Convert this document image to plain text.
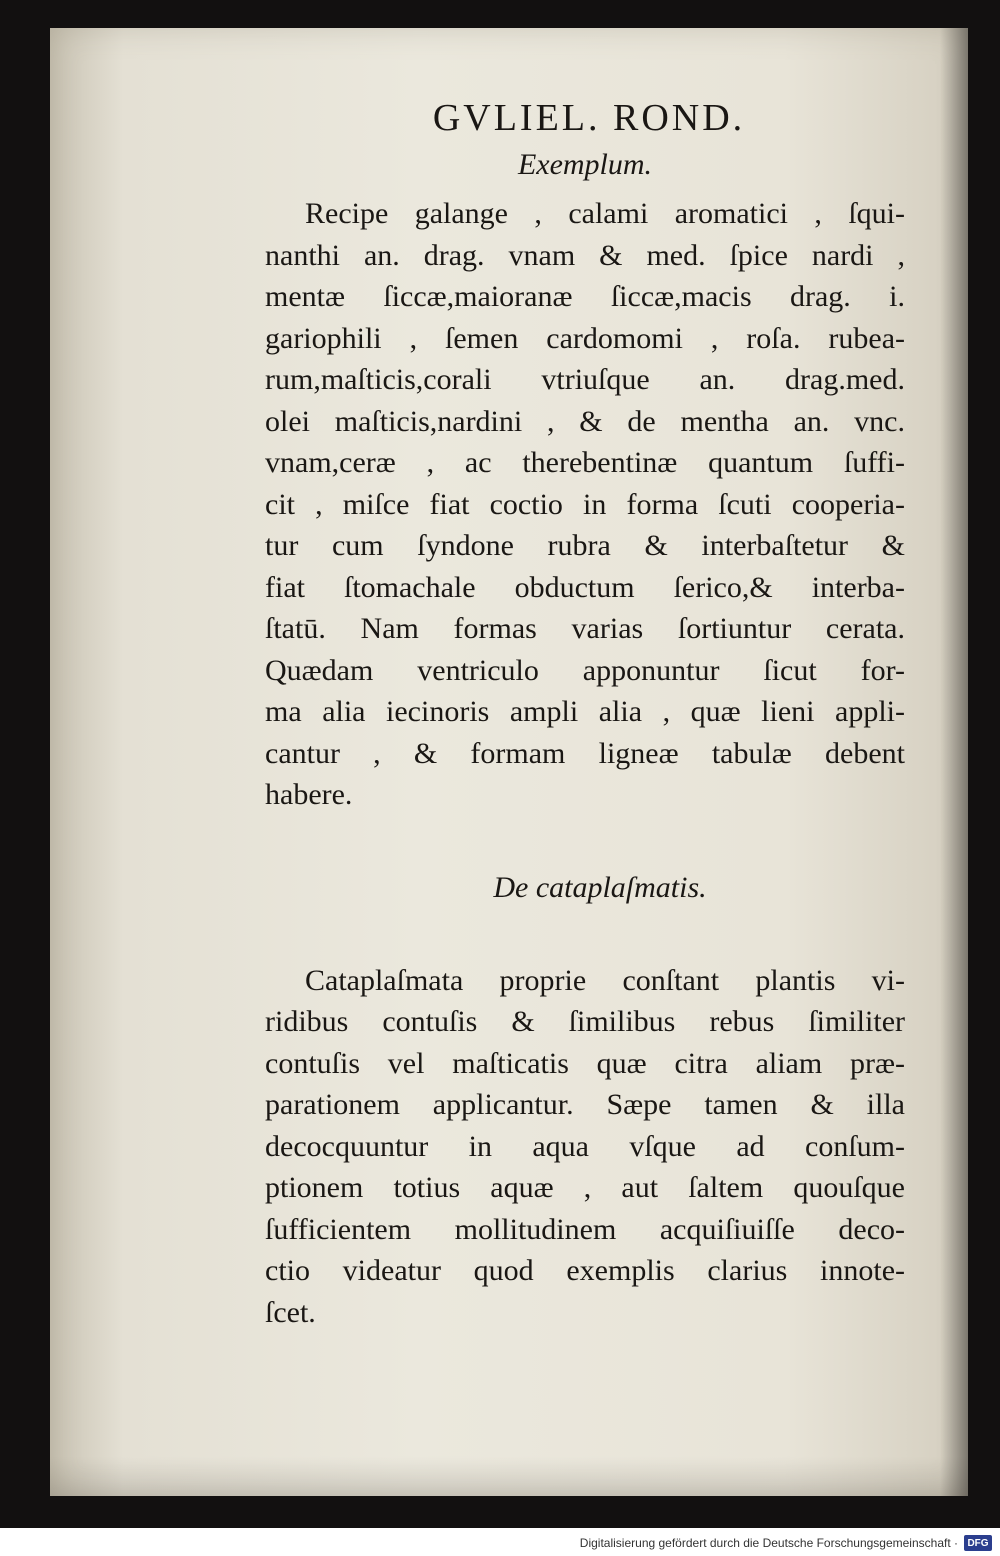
GVLIEL. ROND.
Exemplum.
Recipe galange , calami aromatici , ſqui-
nanthi an. drag. vnam & med. ſpice nardi ,
mentæ ſiccæ,maioranæ ſiccæ,macis drag. i.
gariophili , ſemen cardomomi , roſa. rubea-
rum,maſticis,corali vtriuſque an. drag.med.
olei maſticis,nardini , & de mentha an. vnc.
vnam,ceræ , ac therebentinæ quantum ſuffi-
cit , miſce fiat coctio in forma ſcuti cooperia-
tur cum ſyndone rubra & interbaſtetur &
fiat ſtomachale obductum ſerico,& interba-
ſtatū. Nam formas varias ſortiuntur cerata.
Quædam ventriculo apponuntur ſicut for-
ma alia iecinoris ampli alia , quæ lieni appli-
cantur , & formam ligneæ tabulæ debent
habere.
De cataplaſmatis.
Cataplaſmata proprie conſtant plantis vi-
ridibus contuſis & ſimilibus rebus ſimiliter
contuſis vel maſticatis quæ citra aliam præ-
parationem applicantur. Sæpe tamen & illa
decocquuntur in aqua vſque ad conſum-
ptionem totius aquæ , aut ſaltem quouſque
ſufficientem mollitudinem acquiſiuiſſe deco-
ctio videatur quod exemplis clarius innote-
ſcet.
Digitalisierung gefördert durch die Deutsche Forschungsgemeinschaft · DFG
